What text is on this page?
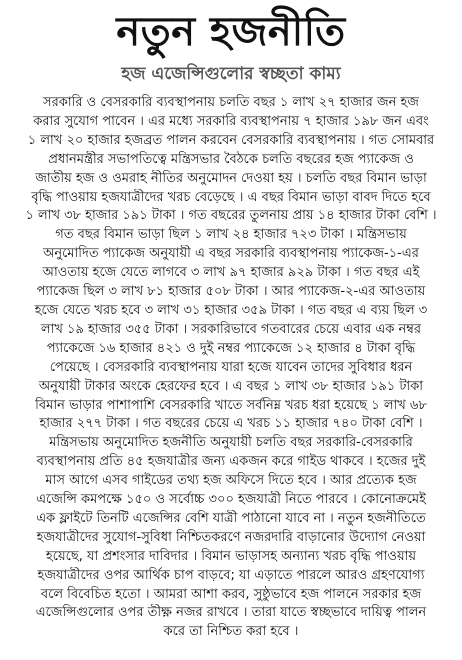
নতুন হজনীতি
হজ এজেন্সিগুলোর স্বচ্ছতা কাম্য
সরকারি ও বেসরকারি ব্যবস্থাপনায় চলতি বছর ১ লাখ ২৭ হাজার জন হজ
করার সুযোগ পাবেন । এর মধ্যে সরকারি ব্যবস্থাপনায় ৭ হাজার ১৯৮ জন এবং
১ লাখ ২০ হাজার হজব্রত পালন করবেন বেসরকারি ব্যবস্থাপনায় । গত সোমবার
প্রধানমন্ত্রীর সভাপতিত্বে মন্ত্রিসভার বৈঠকে চলতি বছরের হজ প্যাকেজ ও
জাতীয় হজ ও ওমরাহ নীতির অনুমোদন দেওয়া হয় । চলতি বছর বিমান ভাড়া
বৃদ্ধি পাওয়ায় হজযাত্রীদের খরচ বেড়েছে । এ বছর বিমান ভাড়া বাবদ দিতে হবে
১ লাখ ৩৮ হাজার ১৯১ টাকা । গত বছরের তুলনায় প্রায় ১৪ হাজার টাকা বেশি ।
গত বছর বিমান ভাড়া ছিল ১ লাখ ২৪ হাজার ৭২৩ টাকা । মন্ত্রিসভায়
অনুমোদিত প্যাকেজ অনুযায়ী এ বছর সরকারি ব্যবস্থাপনায় প্যাকেজ-১-এর
আওতায় হজে যেতে লাগবে ৩ লাখ ৯৭ হাজার ৯২৯ টাকা । গত বছর এই
প্যাকেজ ছিল ৩ লাখ ৮১ হাজার ৫০৮ টাকা । আর প্যাকেজ-২-এর আওতায়
হজে যেতে খরচ হবে ৩ লাখ ৩১ হাজার ৩৫৯ টাকা । গত বছর এ ব্যয় ছিল ৩
লাখ ১৯ হাজার ৩৫৫ টাকা । সরকারিভাবে গতবারের চেয়ে এবার এক নম্বর
প্যাকেজে ১৬ হাজার ৪২১ ও দুই নম্বর প্যাকেজে ১২ হাজার ৪ টাকা বৃদ্ধি
পেয়েছে । বেসরকারি ব্যবস্থাপনায় যারা হজে যাবেন তাদের সুবিধার ধরন
অনুযায়ী টাকার অংকে হেরফের হবে । এ বছর ১ লাখ ৩৮ হাজার ১৯১ টাকা
বিমান ভাড়ার পাশাপাশি বেসরকারি খাতে সর্বনিম্ন খরচ ধরা হয়েছে ১ লাখ ৬৮
হাজার ২৭৭ টাকা । গত বছরের চেয়ে এ খরচ ১১ হাজার ৭৪০ টাকা বেশি ।
মন্ত্রিসভায় অনুমোদিত হজনীতি অনুযায়ী চলতি বছর সরকারি-বেসরকারি
ব্যবস্থাপনায় প্রতি ৪৫ হজযাত্রীর জন্য একজন করে গাইড থাকবে । হজের দুই
মাস আগে এসব গাইডের তথ্য হজ অফিসে দিতে হবে । আর প্রত্যেক হজ
এজেন্সি কমপক্ষে ১৫০ ও সর্বোচ্চ ৩০০ হজযাত্রী নিতে পারবে । কোনোক্রমেই
এক ফ্লাইটে তিনটি এজেন্সির বেশি যাত্রী পাঠানো যাবে না । নতুন হজনীতিতে
হজযাত্রীদের সুযোগ-সুবিধা নিশ্চিতকরণে নজরদারি বাড়ানোর উদ্যোগ নেওয়া
হয়েছে, যা প্রশংসার দাবিদার । বিমান ভাড়াসহ অন্যান্য খরচ বৃদ্ধি পাওয়ায়
হজযাত্রীদের ওপর আর্থিক চাপ বাড়বে; যা এড়াতে পারলে আরও গ্রহণযোগ্য
বলে বিবেচিত হতো । আমরা আশা করব, সুষ্ঠুভাবে হজ পালনে সরকার হজ
এজেন্সিগুলোর ওপর তীক্ষ্ণ নজর রাখবে । তারা যাতে স্বচ্ছভাবে দায়িত্ব পালন
করে তা নিশ্চিত করা হবে ।
